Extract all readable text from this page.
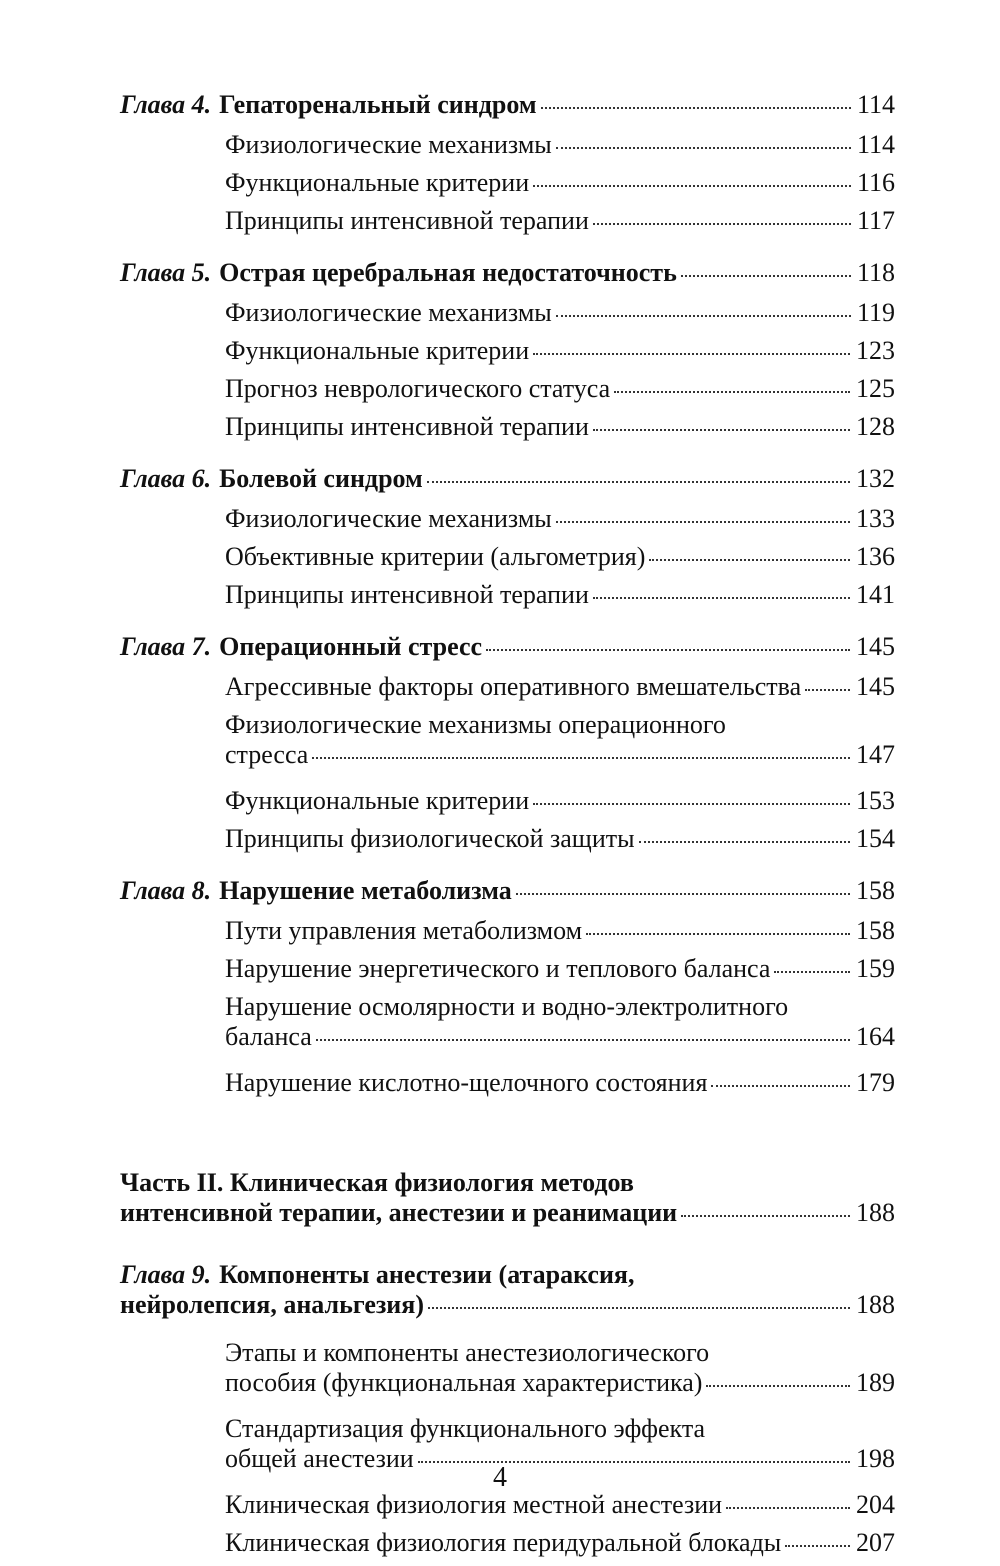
Глава 4. Гепаторенальный синдром	114
Физиологические механизмы	114
Функциональные критерии	116
Принципы интенсивной терапии	117
Глава 5. Острая церебральная недостаточность	118
Физиологические механизмы	119
Функциональные критерии	123
Прогноз неврологического статуса	125
Принципы интенсивной терапии	128
Глава 6. Болевой синдром	132
Физиологические механизмы	133
Объективные критерии (альгометрия)	136
Принципы интенсивной терапии	141
Глава 7. Операционный стресс	145
Агрессивные факторы оперативного вмешательства 145
Физиологические механизмы операционного
стресса	147
Функциональные критерии	153
Принципы физиологической защиты	154
Глава 8. Нарушение метаболизма	158
Пути управления метаболизмом	158
Нарушение энергетического и теплового баланса	159
Нарушение осмолярности и водно-электролитного
баланса	164
Нарушение кислотно-щелочного состояния	179
Часть II. Клиническая физиология методов
интенсивной терапии, анестезии и реанимации	188
Глава 9. Компоненты анестезии (атараксия,
нейролепсия, анальгезия)	188
Этапы и компоненты анестезиологического
пособия (функциональная характеристика)	189
Стандартизация функционального эффекта
общей анестезии	198
Клиническая физиология местной анестезии	204
Клиническая физиология перидуральной блокады	207
4
